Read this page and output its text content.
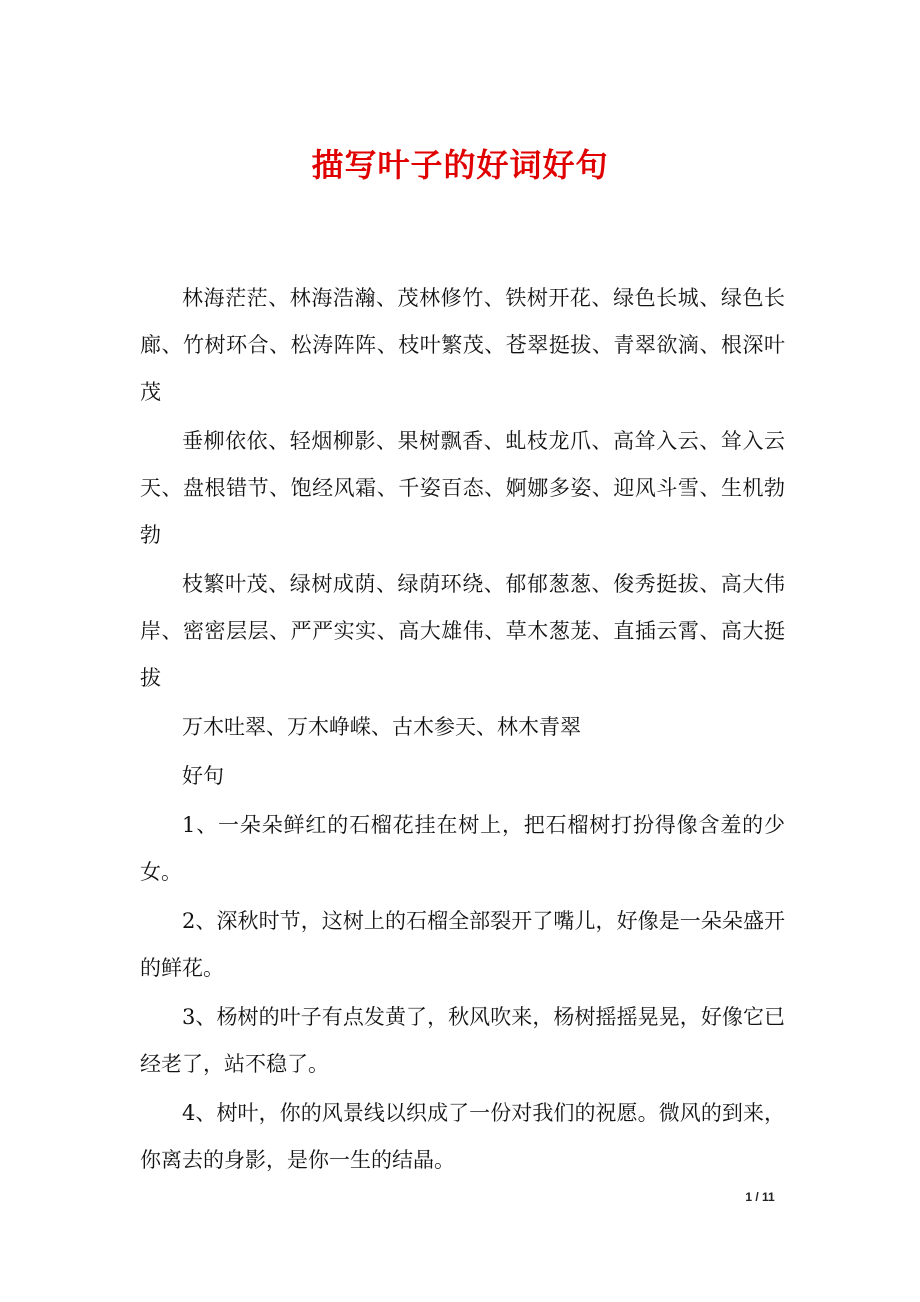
描写叶子的好词好句

林海茫茫、林海浩瀚、茂林修竹、铁树开花、绿色长城、绿色长廊、竹树环合、松涛阵阵、枝叶繁茂、苍翠挺拔、青翠欲滴、根深叶茂

垂柳依依、轻烟柳影、果树飘香、虬枝龙爪、高耸入云、耸入云天、盘根错节、饱经风霜、千姿百态、婀娜多姿、迎风斗雪、生机勃勃

枝繁叶茂、绿树成荫、绿荫环绕、郁郁葱葱、俊秀挺拔、高大伟岸、密密层层、严严实实、高大雄伟、草木葱茏、直插云霄、高大挺拔

万木吐翠、万木峥嵘、古木参天、林木青翠

好句

1、一朵朵鲜红的石榴花挂在树上，把石榴树打扮得像含羞的少女。

2、深秋时节，这树上的石榴全部裂开了嘴儿，好像是一朵朵盛开的鲜花。

3、杨树的叶子有点发黄了，秋风吹来，杨树摇摇晃晃，好像它已经老了，站不稳了。

4、树叶，你的风景线以织成了一份对我们的祝愿。微风的到来，你离去的身影，是你一生的结晶。

1 / 11
